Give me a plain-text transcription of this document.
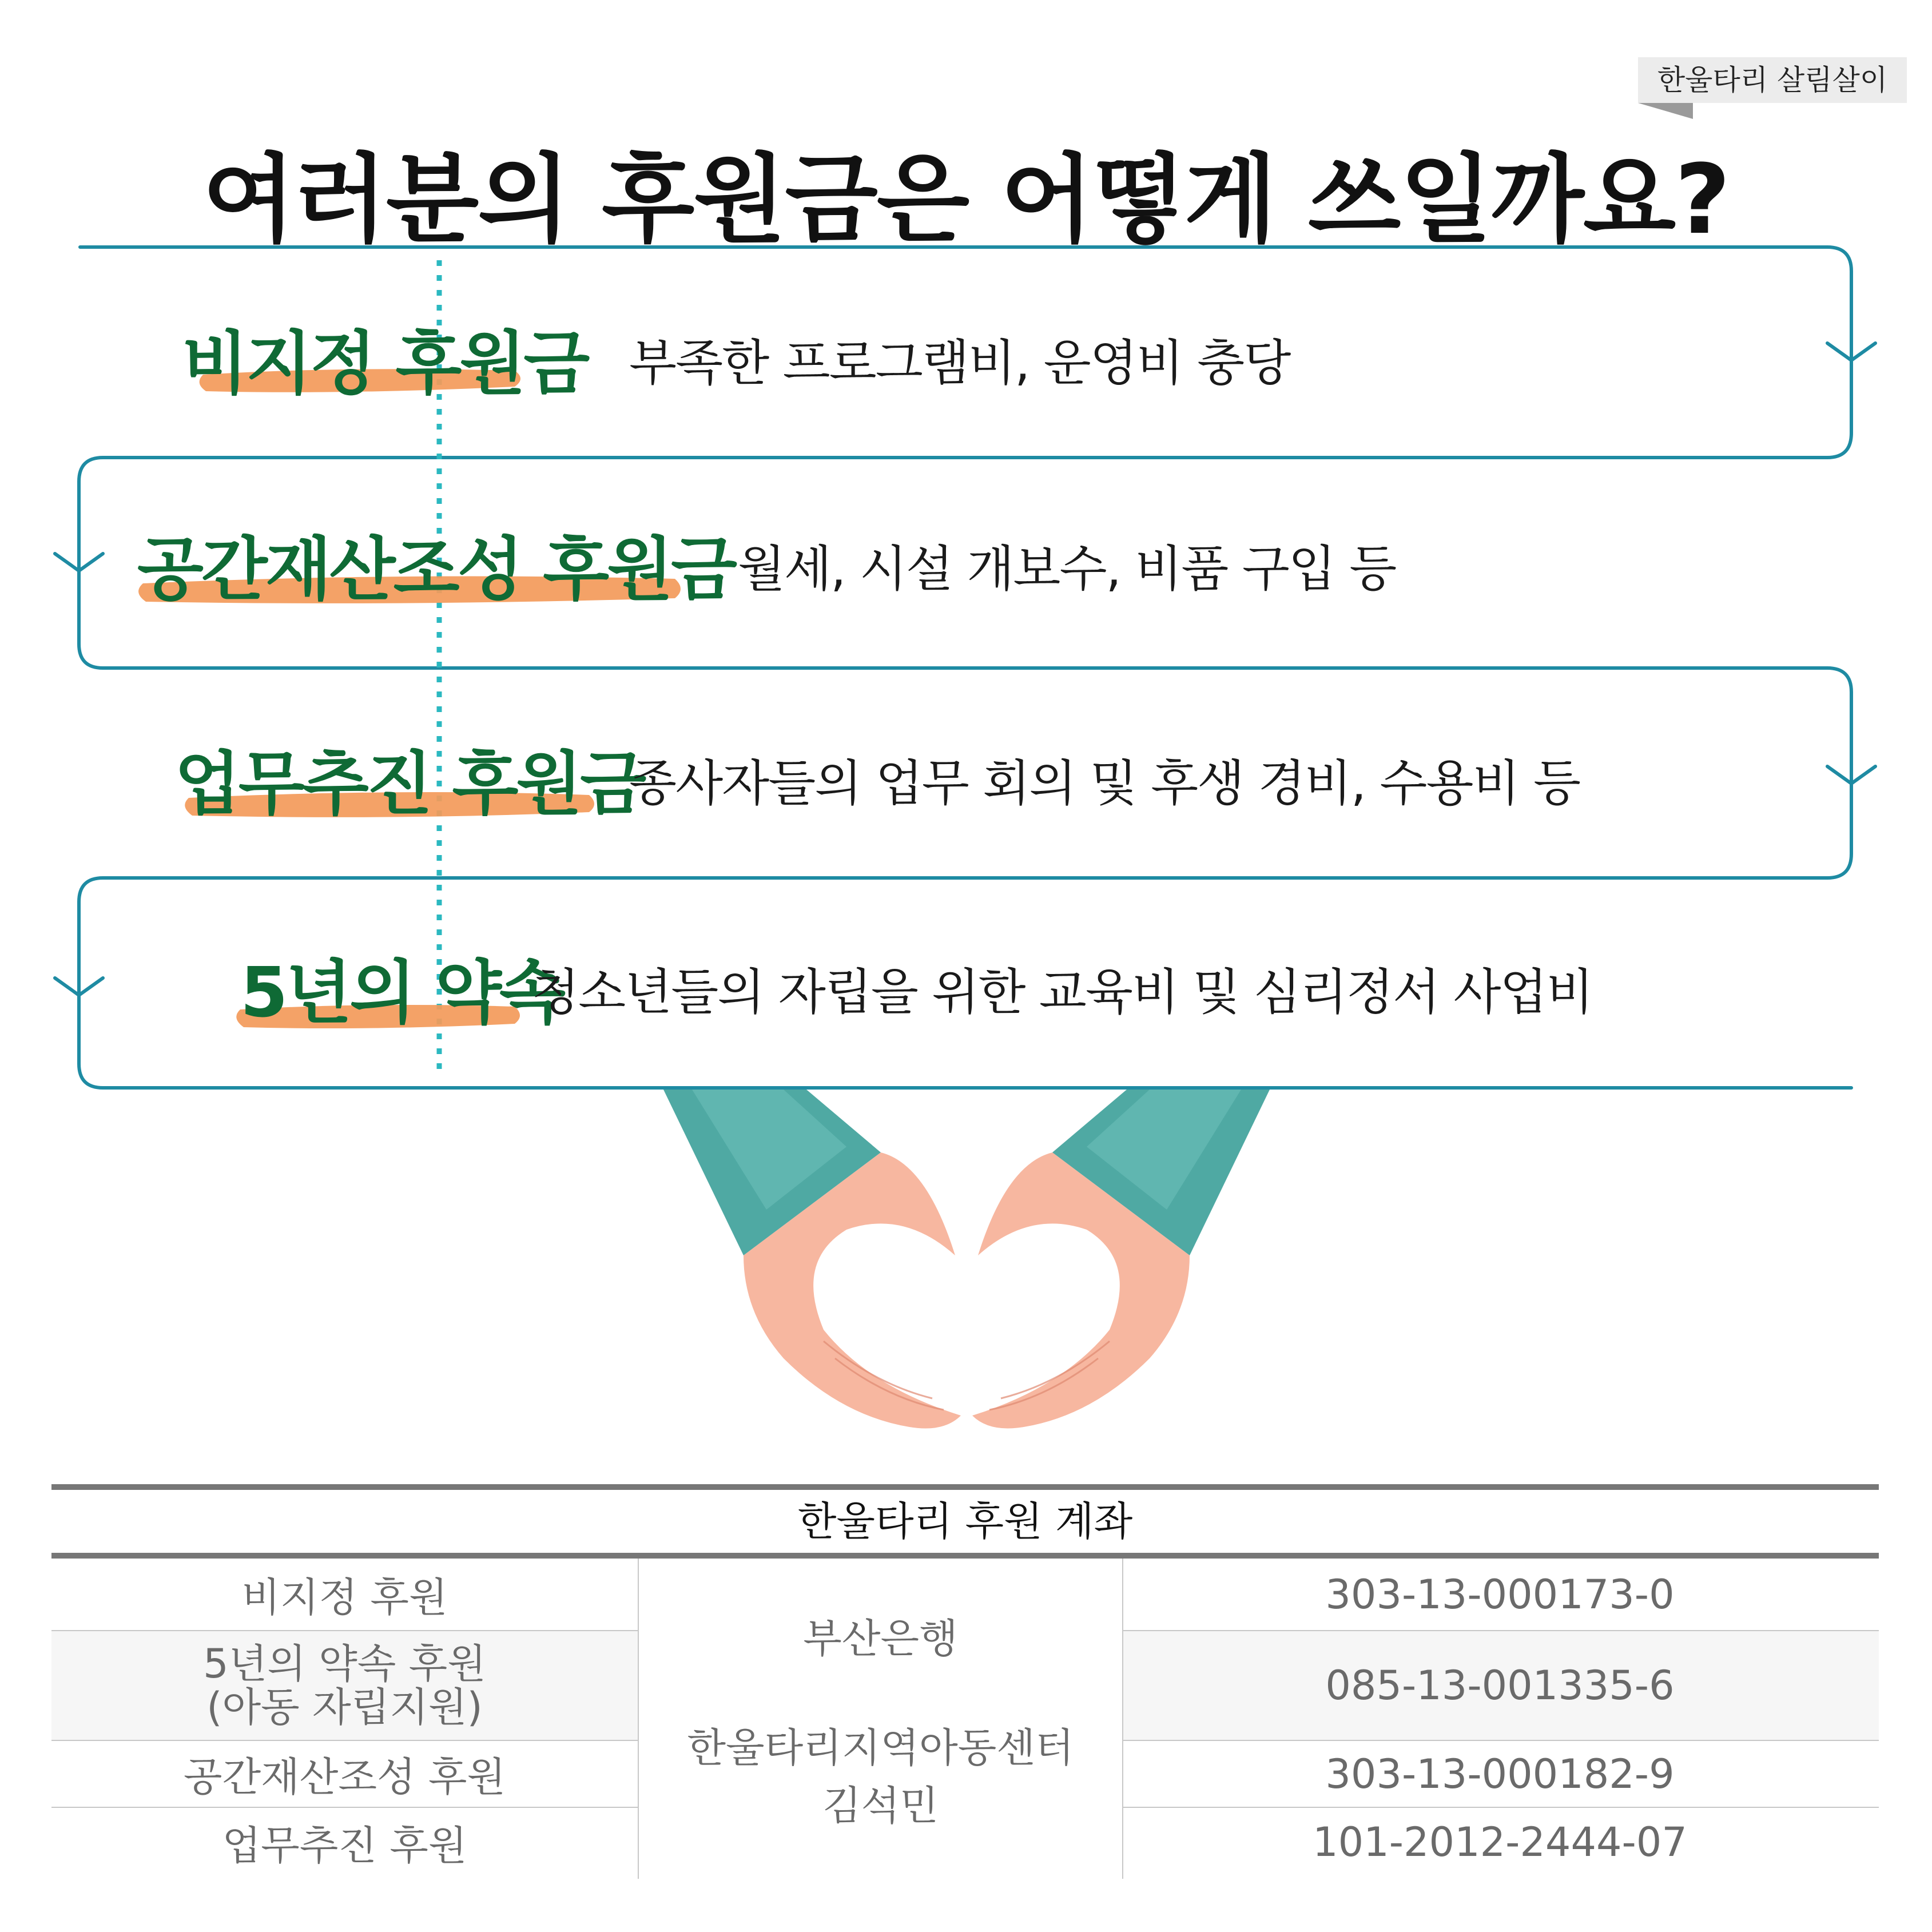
한울타리 살림살이
여러분의 후원금은 어떻게 쓰일까요?
비지정 후원금 부족한 프로그램비, 운영비 충당
공간재산조성 후원금 월세, 시설 개보수, 비품 구입 등
업무추진 후원금
종사자들의 업무 회의 및 후생 경비, 수용비 등
5년의 약속
청소년들의 자립을 위한 교육비 및 심리정서 사업비
한울타리 후원 계좌
비지정 후원	303-13-000173-0
5년의 약속 후원
(아동 자립지원)	085-13-001335-6
공간재산조성 후원	303-13-000182-9
업무추진 후원	101-2012-2444-07
부산은행
한울타리지역아동센터
김석민
